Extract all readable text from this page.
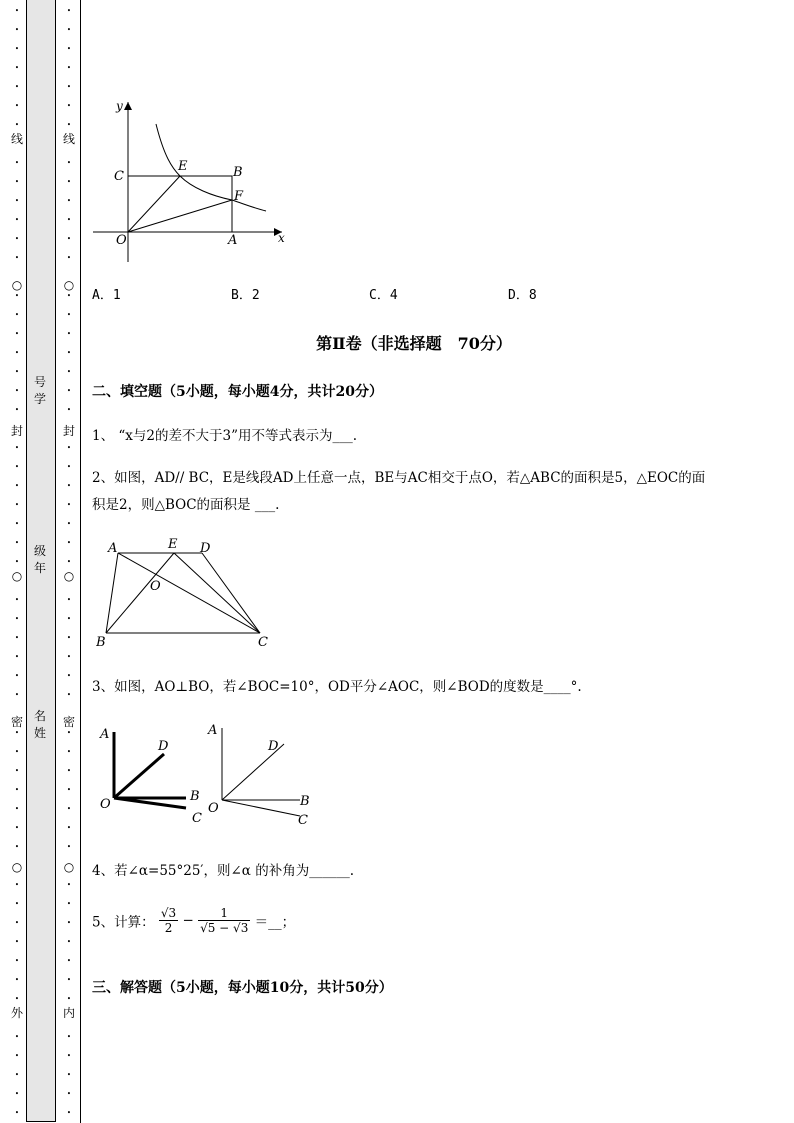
线
○
封
○
密
○
外
•
•
•
•
•
•
•
•
•
•
•
•
•
•
•
•
•
•
•
•
•
•
•
•
•
•
•
•
•
•
•
•
•
•
•
•
•
•
•
•
•
•
•
•
•
•
•
•
•
•
•
•
号学
级年
名姓
线
○
封
○
密
○
内
•
•
•
•
•
•
•
•
•
•
•
•
•
•
•
•
•
•
•
•
•
•
•
•
•
•
•
•
•
•
•
•
•
•
•
•
•
•
•
•
•
•
•
•
•
•
•
•
•
•
•
•
y
x
O	A
B
C
E
F
A．1	B．2	C．4	D．8
第Ⅱ卷（非选择题　70分）
二、填空题（5小题，每小题4分，共计20分）
1、 “x与2的差不大于3”用不等式表示为___.
2、如图，AD// BC，E是线段AD上任意一点，BE与AC相交于点O，若△ABC的面积是5，△EOC的面
积是2，则△BOC的面积是 ___.
A	E D
O
B	C
3、如图，AO⊥BO，若∠BOC=10°，OD平分∠AOC，则∠BOD的度数是____°.
A
D
O
B
C
A
D
O	B
C
4、若∠α=55°25′，则∠α 的补角为______.
5、计算： $\frac{√3}{2} - \frac{1}{√5 - √3}$ ＝__；
三、解答题（5小题，每小题10分，共计50分）
